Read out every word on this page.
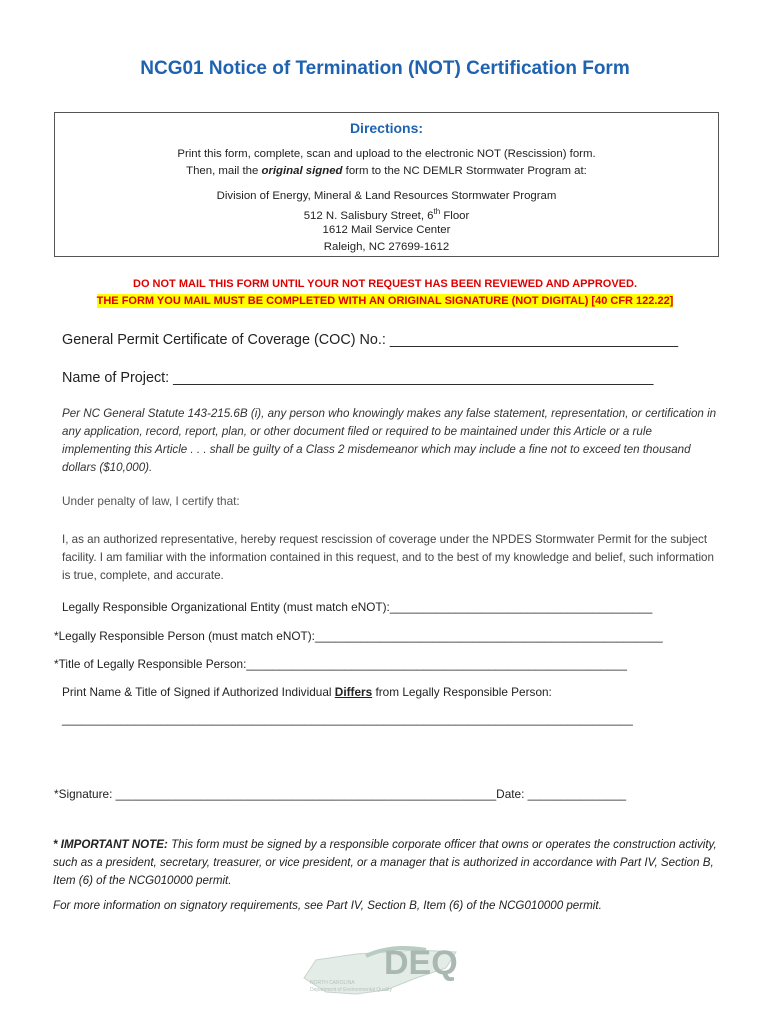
NCG01 Notice of Termination (NOT) Certification Form
Directions:
Print this form, complete, scan and upload to the electronic NOT (Rescission) form.
Then, mail the original signed form to the NC DEMLR Stormwater Program at:
Division of Energy, Mineral & Land Resources Stormwater Program
512 N. Salisbury Street, 6th Floor
1612 Mail Service Center
Raleigh, NC 27699-1612
DO NOT MAIL THIS FORM UNTIL YOUR NOT REQUEST HAS BEEN REVIEWED AND APPROVED.
THE FORM YOU MAIL MUST BE COMPLETED WITH AN ORIGINAL SIGNATURE (NOT DIGITAL) [40 CFR 122.22]
General Permit Certificate of Coverage (COC) No.: ____________________________________
Name of Project: ____________________________________________________________
Per NC General Statute 143-215.6B (i), any person who knowingly makes any false statement, representation, or certification in any application, record, report, plan, or other document filed or required to be maintained under this Article or a rule implementing this Article . . . shall be guilty of a Class 2 misdemeanor which may include a fine not to exceed ten thousand dollars ($10,000).
Under penalty of law, I certify that:
I, as an authorized representative, hereby request rescission of coverage under the NPDES Stormwater Permit for the subject facility. I am familiar with the information contained in this request, and to the best of my knowledge and belief, such information is true, complete, and accurate.
Legally Responsible Organizational Entity (must match eNOT):________________________________________
*Legally Responsible Person (must match eNOT):_____________________________________________________
*Title of Legally Responsible Person:__________________________________________________________
Print Name & Title of Signed if Authorized Individual Differs from Legally Responsible Person:
_______________________________________________________________________________________
*Signature: __________________________________________________________Date: _______________
* IMPORTANT NOTE: This form must be signed by a responsible corporate officer that owns or operates the construction activity, such as a president, secretary, treasurer, or vice president, or a manager that is authorized in accordance with Part IV, Section B, Item (6) of the NCG010000 permit.
For more information on signatory requirements, see Part IV, Section B, Item (6) of the NCG010000 permit.
DEQ
NORTH CAROLINA
Department of Environmental Quality
